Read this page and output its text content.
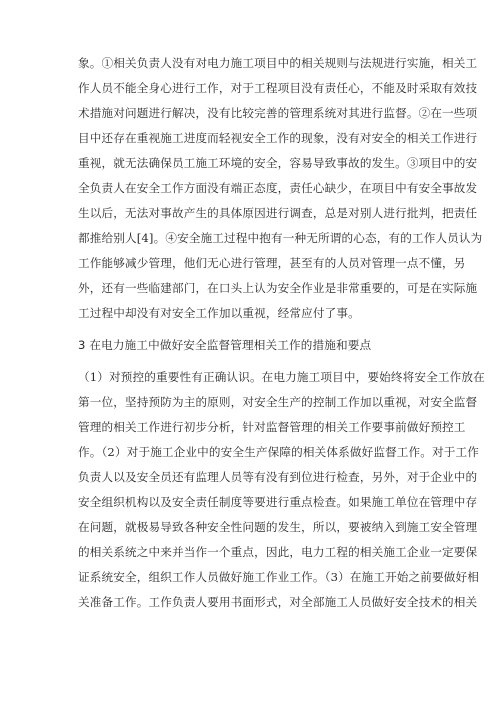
象。①相关负责人没有对电力施工项目中的相关规则与法规进行实施，相关工
作人员不能全身心进行工作，对于工程项目没有责任心，不能及时采取有效技
术措施对问题进行解决，没有比较完善的管理系统对其进行监督。②在一些项
目中还存在重视施工进度而轻视安全工作的现象，没有对安全的相关工作进行
重视，就无法确保员工施工环境的安全，容易导致事故的发生。③项目中的安
全负责人在安全工作方面没有端正态度，责任心缺少，在项目中有安全事故发
生以后，无法对事故产生的具体原因进行调查，总是对别人进行批判，把责任
都推给别人[4]。④安全施工过程中抱有一种无所谓的心态，有的工作人员认为
工作能够减少管理，他们无心进行管理，甚至有的人员对管理一点不懂，另
外，还有一些临建部门，在口头上认为安全作业是非常重要的，可是在实际施
工过程中却没有对安全工作加以重视，经常应付了事。
3 在电力施工中做好安全监督管理相关工作的措施和要点
（1）对预控的重要性有正确认识。在电力施工项目中，要始终将安全工作放在
第一位，坚持预防为主的原则，对安全生产的控制工作加以重视，对安全监督
管理的相关工作进行初步分析，针对监督管理的相关工作要事前做好预控工
作。（2）对于施工企业中的安全生产保障的相关体系做好监督工作。对于工作
负责人以及安全员还有监理人员等有没有到位进行检查，另外，对于企业中的
安全组织机构以及安全责任制度等要进行重点检查。如果施工单位在管理中存
在问题，就极易导致各种安全性问题的发生，所以，要被纳入到施工安全管理
的相关系统之中来并当作一个重点，因此，电力工程的相关施工企业一定要保
证系统安全，组织工作人员做好施工作业工作。（3）在施工开始之前要做好相
关准备工作。工作负责人要用书面形式，对全部施工人员做好安全技术的相关
